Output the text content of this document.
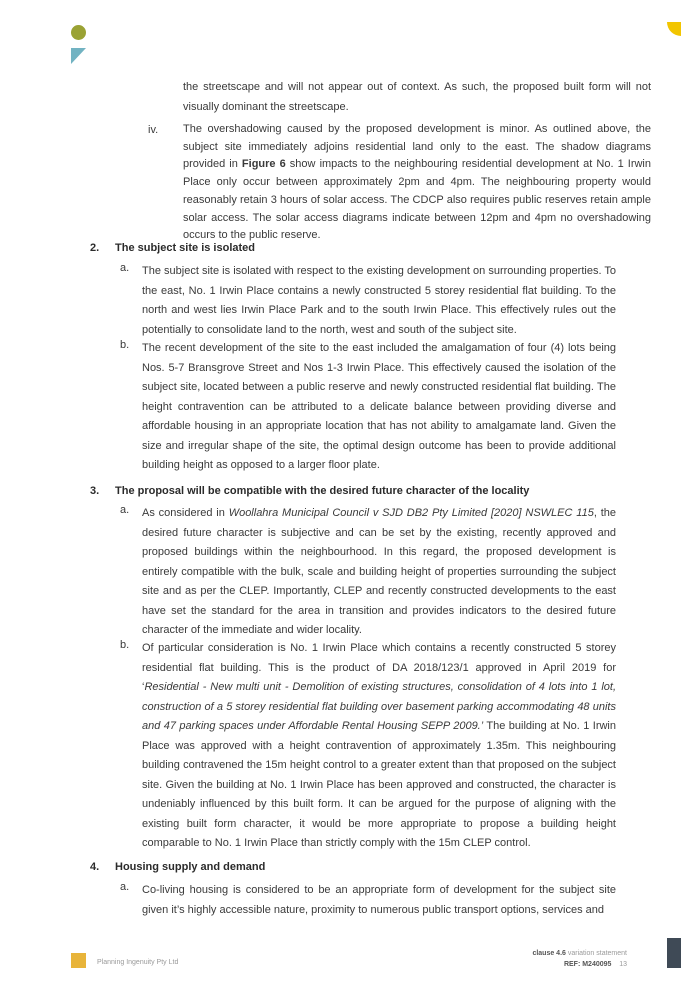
the streetscape and will not appear out of context. As such, the proposed built form will not visually dominant the streetscape.
iv. The overshadowing caused by the proposed development is minor. As outlined above, the subject site immediately adjoins residential land only to the east. The shadow diagrams provided in Figure 6 show impacts to the neighbouring residential development at No. 1 Irwin Place only occur between approximately 2pm and 4pm. The neighbouring property would reasonably retain 3 hours of solar access. The CDCP also requires public reserves retain ample solar access. The solar access diagrams indicate between 12pm and 4pm no overshadowing occurs to the public reserve.
2. The subject site is isolated
a. The subject site is isolated with respect to the existing development on surrounding properties. To the east, No. 1 Irwin Place contains a newly constructed 5 storey residential flat building. To the north and west lies Irwin Place Park and to the south Irwin Place. This effectively rules out the potentially to consolidate land to the north, west and south of the subject site.
b. The recent development of the site to the east included the amalgamation of four (4) lots being Nos. 5-7 Bransgrove Street and Nos 1-3 Irwin Place. This effectively caused the isolation of the subject site, located between a public reserve and newly constructed residential flat building. The height contravention can be attributed to a delicate balance between providing diverse and affordable housing in an appropriate location that has not ability to amalgamate land. Given the size and irregular shape of the site, the optimal design outcome has been to provide additional building height as opposed to a larger floor plate.
3. The proposal will be compatible with the desired future character of the locality
a. As considered in Woollahra Municipal Council v SJD DB2 Pty Limited [2020] NSWLEC 115, the desired future character is subjective and can be set by the existing, recently approved and proposed buildings within the neighbourhood. In this regard, the proposed development is entirely compatible with the bulk, scale and building height of properties surrounding the subject site and as per the CLEP. Importantly, CLEP and recently constructed developments to the east have set the standard for the area in transition and provides indicators to the desired future character of the immediate and wider locality.
b. Of particular consideration is No. 1 Irwin Place which contains a recently constructed 5 storey residential flat building. This is the product of DA 2018/123/1 approved in April 2019 for ‘Residential - New multi unit - Demolition of existing structures, consolidation of 4 lots into 1 lot, construction of a 5 storey residential flat building over basement parking accommodating 48 units and 47 parking spaces under Affordable Rental Housing SEPP 2009.’ The building at No. 1 Irwin Place was approved with a height contravention of approximately 1.35m. This neighbouring building contravened the 15m height control to a greater extent than that proposed on the subject site. Given the building at No. 1 Irwin Place has been approved and constructed, the character is undeniably influenced by this built form. It can be argued for the purpose of aligning with the existing built form character, it would be more appropriate to propose a building height comparable to No. 1 Irwin Place than strictly comply with the 15m CLEP control.
4. Housing supply and demand
a. Co-living housing is considered to be an appropriate form of development for the subject site given it’s highly accessible nature, proximity to numerous public transport options, services and
Planning Ingenuity Pty Ltd
clause 4.6 variation statement
REF: M240095 13
